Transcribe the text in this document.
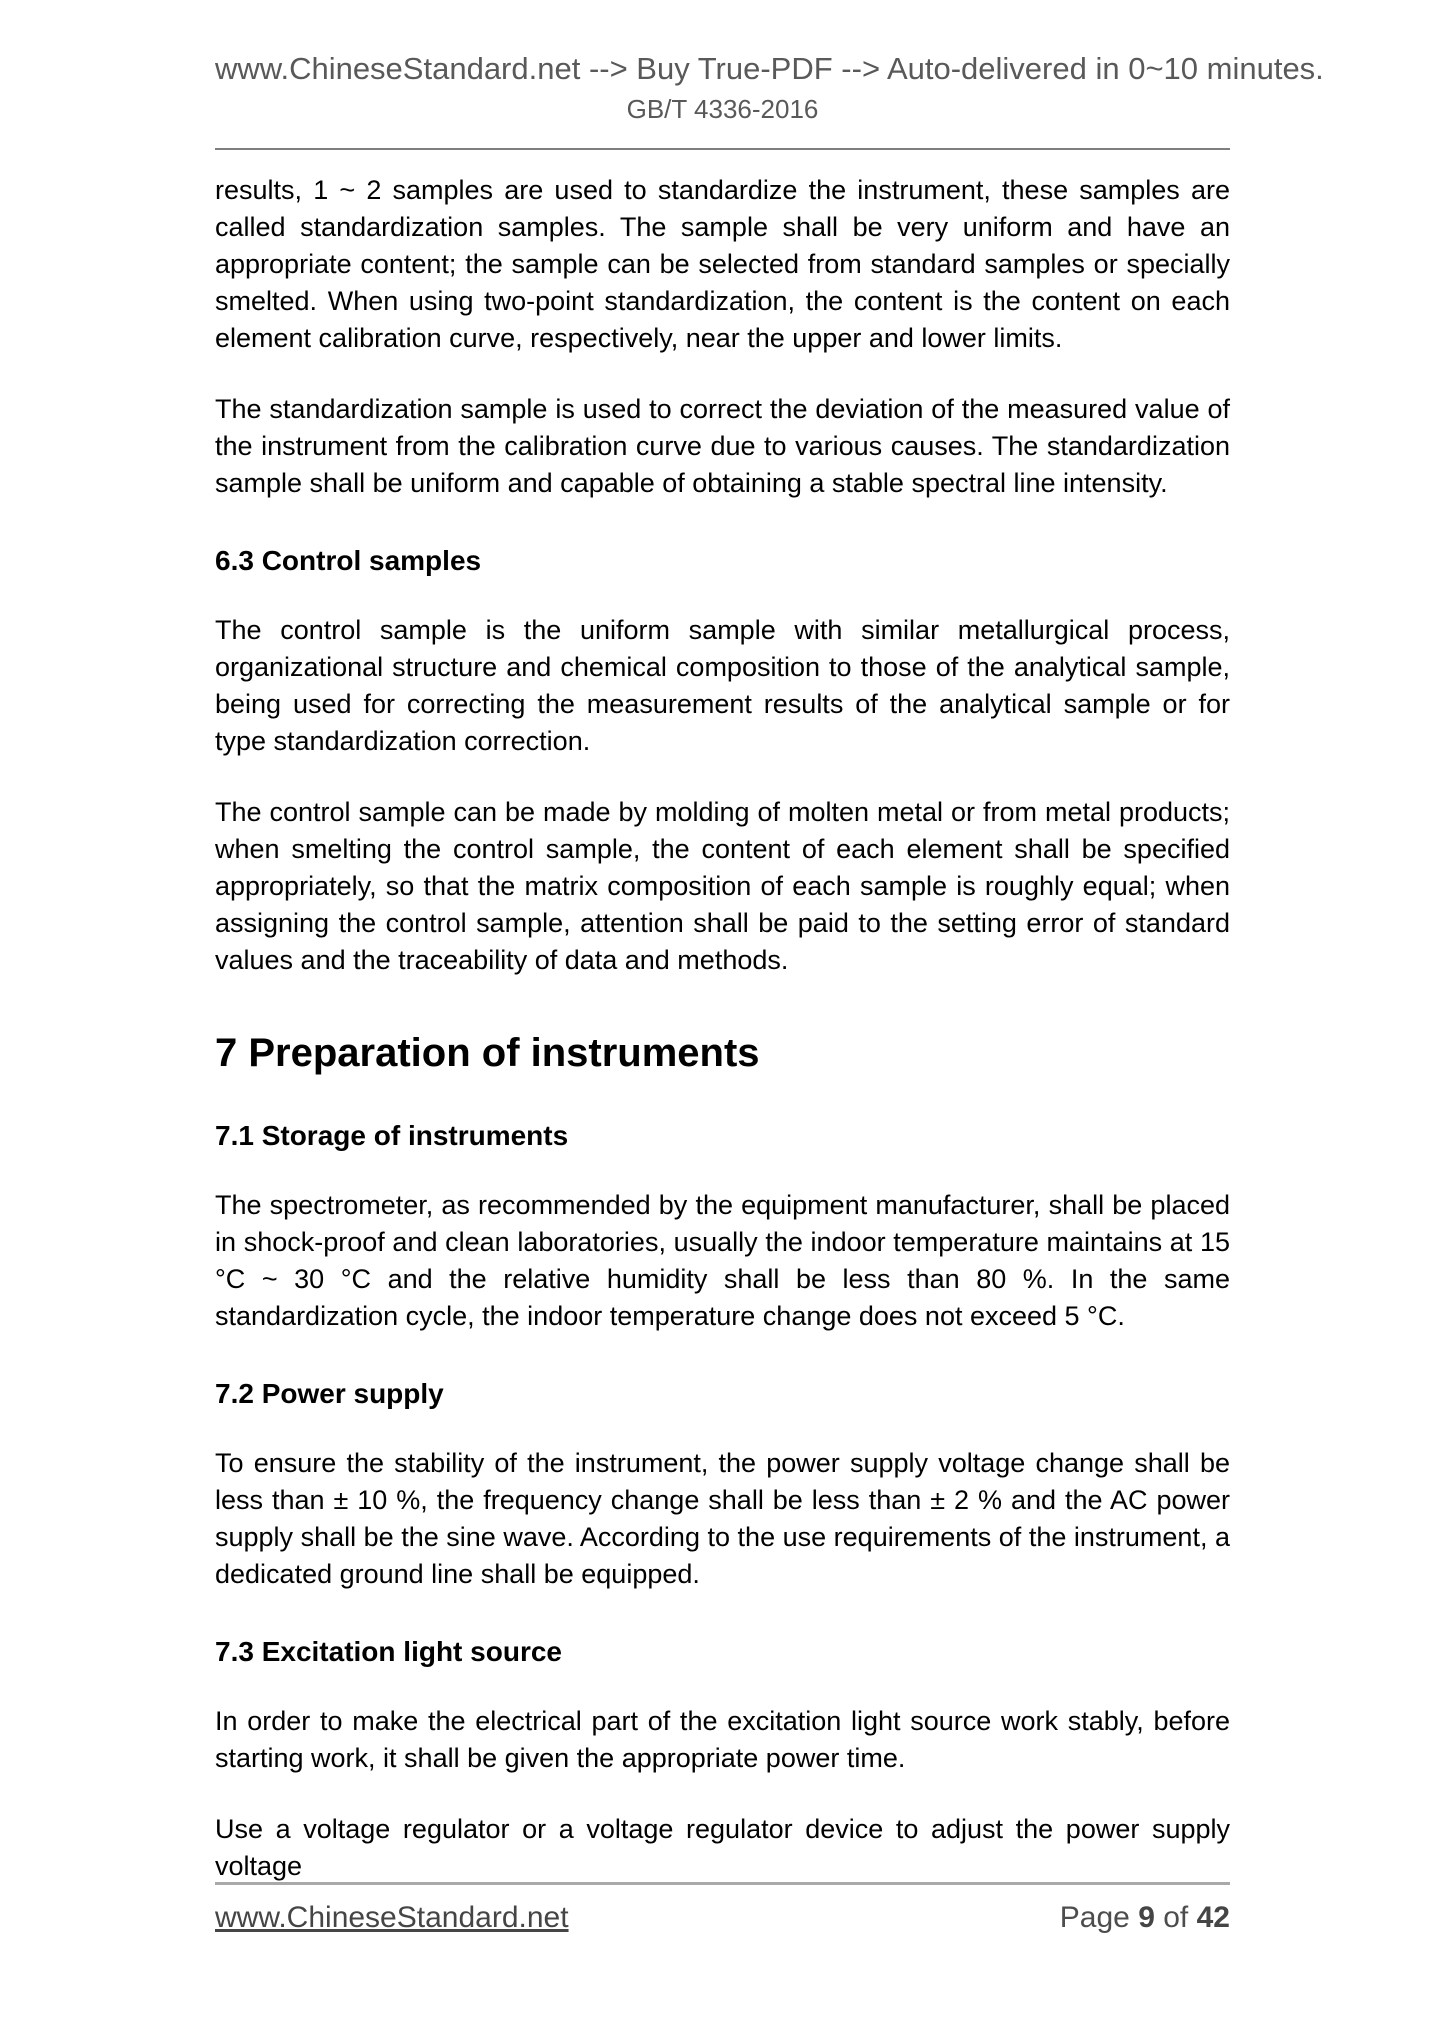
www.ChineseStandard.net --> Buy True-PDF --> Auto-delivered in 0~10 minutes.
GB/T 4336-2016

results, 1 ~ 2 samples are used to standardize the instrument, these samples are called standardization samples. The sample shall be very uniform and have an appropriate content; the sample can be selected from standard samples or specially smelted. When using two-point standardization, the content is the content on each element calibration curve, respectively, near the upper and lower limits.

The standardization sample is used to correct the deviation of the measured value of the instrument from the calibration curve due to various causes. The standardization sample shall be uniform and capable of obtaining a stable spectral line intensity.

6.3 Control samples

The control sample is the uniform sample with similar metallurgical process, organizational structure and chemical composition to those of the analytical sample, being used for correcting the measurement results of the analytical sample or for type standardization correction.

The control sample can be made by molding of molten metal or from metal products; when smelting the control sample, the content of each element shall be specified appropriately, so that the matrix composition of each sample is roughly equal; when assigning the control sample, attention shall be paid to the setting error of standard values and the traceability of data and methods.

7 Preparation of instruments
7.1 Storage of instruments

The spectrometer, as recommended by the equipment manufacturer, shall be placed in shock-proof and clean laboratories, usually the indoor temperature maintains at 15 °C ~ 30 °C and the relative humidity shall be less than 80 %. In the same standardization cycle, the indoor temperature change does not exceed 5 °C.

7.2 Power supply

To ensure the stability of the instrument, the power supply voltage change shall be less than ± 10 %, the frequency change shall be less than ± 2 % and the AC power supply shall be the sine wave. According to the use requirements of the instrument, a dedicated ground line shall be equipped.

7.3 Excitation light source

In order to make the electrical part of the excitation light source work stably, before starting work, it shall be given the appropriate power time.

Use a voltage regulator or a voltage regulator device to adjust the power supply voltage

www.ChineseStandard.net	Page 9 of 42
